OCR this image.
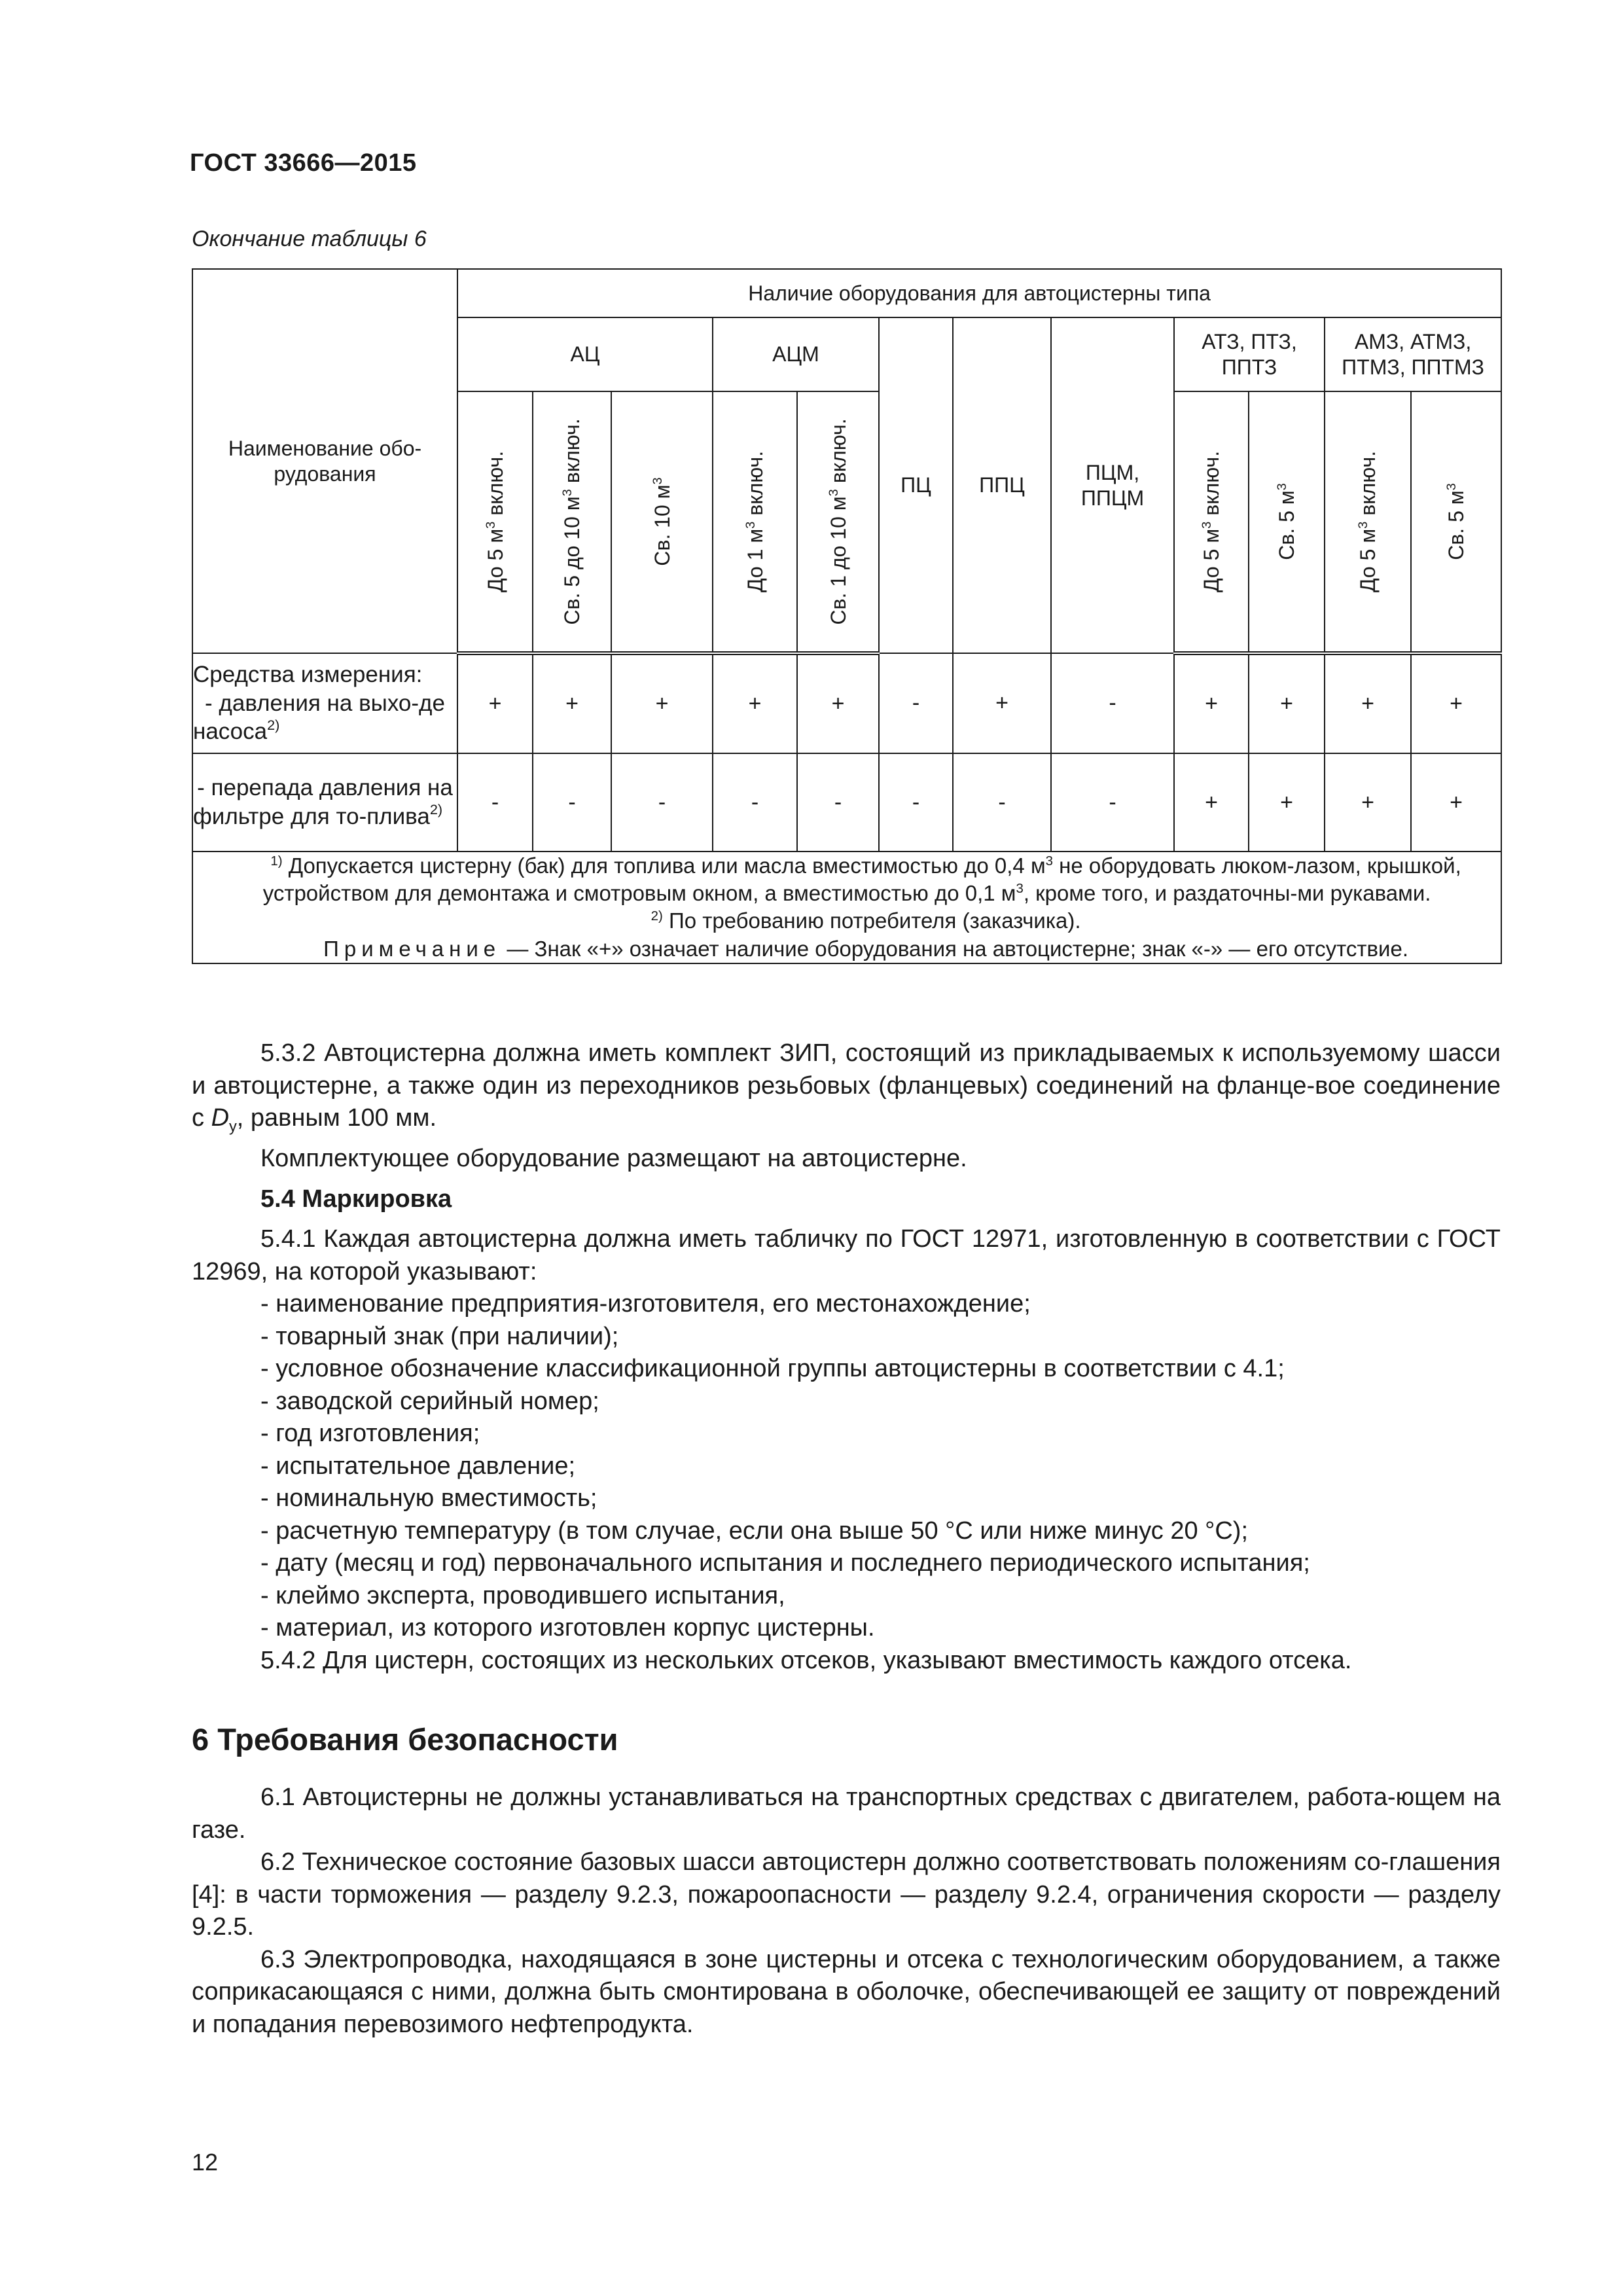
ГОСТ 33666—2015
Окончание таблицы 6
Наименование обо-рудования	Наличие оборудования для автоцистерны типа											
	АЦ			АЦМ		ПЦ	ППЦ	ПЦМ, ППЦМ	АТЗ, ПТЗ, ППТЗ		АМЗ, АТМЗ, ПТМЗ, ППТМЗ	

	До 5 $м^3$ включ.	Св. 5 до 10 $м^3$ включ.	Св. 10 $м^3$	До 1 $м^3$ включ.	Св. 1 до 10 $м^3$ включ.				До 5 $м^3$ включ.	Св. 5 $м^3$	До 5 $м^3$ включ.	Св. 5 $м^3$

Средства измерения:
- давления на выхо-де насоса$^{2)}$	+	+	+	+	+	-	+	-	+	+	+	+
- перепада давления на фильтре для то-плива$^{2)}$	-	-	-	-	-	-	-	-	+	+	+	+

$^{1)}$ Допускается цистерну (бак) для топлива или масла вместимостью до 0,4 $м^3$ не оборудовать люком-лазом, крышкой, устройством для демонтажа и смотровым окном, а вместимостью до 0,1 $м^3$, кроме того, и раздаточны-ми рукавами.

$^{2)}$ По требованию потребителя (заказчика).

Примечание — Знак «+» означает наличие оборудования на автоцистерне; знак «-» — его отсутствие.												

5.3.2 Автоцистерна должна иметь комплект ЗИП, состоящий из прикладываемых к используемому шасси и автоцистерне, а также один из переходников резьбовых (фланцевых) соединений на фланце-вое соединение с $D_y$, равным 100 мм.

Комплектующее оборудование размещают на автоцистерне.

5.4 Маркировка

5.4.1 Каждая автоцистерна должна иметь табличку по ГОСТ 12971, изготовленную в соответствии с ГОСТ 12969, на которой указывают:

- наименование предприятия-изготовителя, его местонахождение;

- товарный знак (при наличии);

- условное обозначение классификационной группы автоцистерны в соответствии с 4.1;

- заводской серийный номер;

- год изготовления;

- испытательное давление;

- номинальную вместимость;

- расчетную температуру (в том случае, если она выше 50 °С или ниже минус 20 °С);

- дату (месяц и год) первоначального испытания и последнего периодического испытания;

- клеймо эксперта, проводившего испытания,

- материал, из которого изготовлен корпус цистерны.

5.4.2 Для цистерн, состоящих из нескольких отсеков, указывают вместимость каждого отсека.

6 Требования безопасности

6.1 Автоцистерны не должны устанавливаться на транспортных средствах с двигателем, работа-ющем на газе.

6.2 Техническое состояние базовых шасси автоцистерн должно соответствовать положениям со-глашения [4]: в части торможения — разделу 9.2.3, пожароопасности — разделу 9.2.4, ограничения скорости — разделу 9.2.5.

6.3 Электропроводка, находящаяся в зоне цистерны и отсека с технологическим оборудованием, а также соприкасающаяся с ними, должна быть смонтирована в оболочке, обеспечивающей ее защиту от повреждений и попадания перевозимого нефтепродукта.

12
